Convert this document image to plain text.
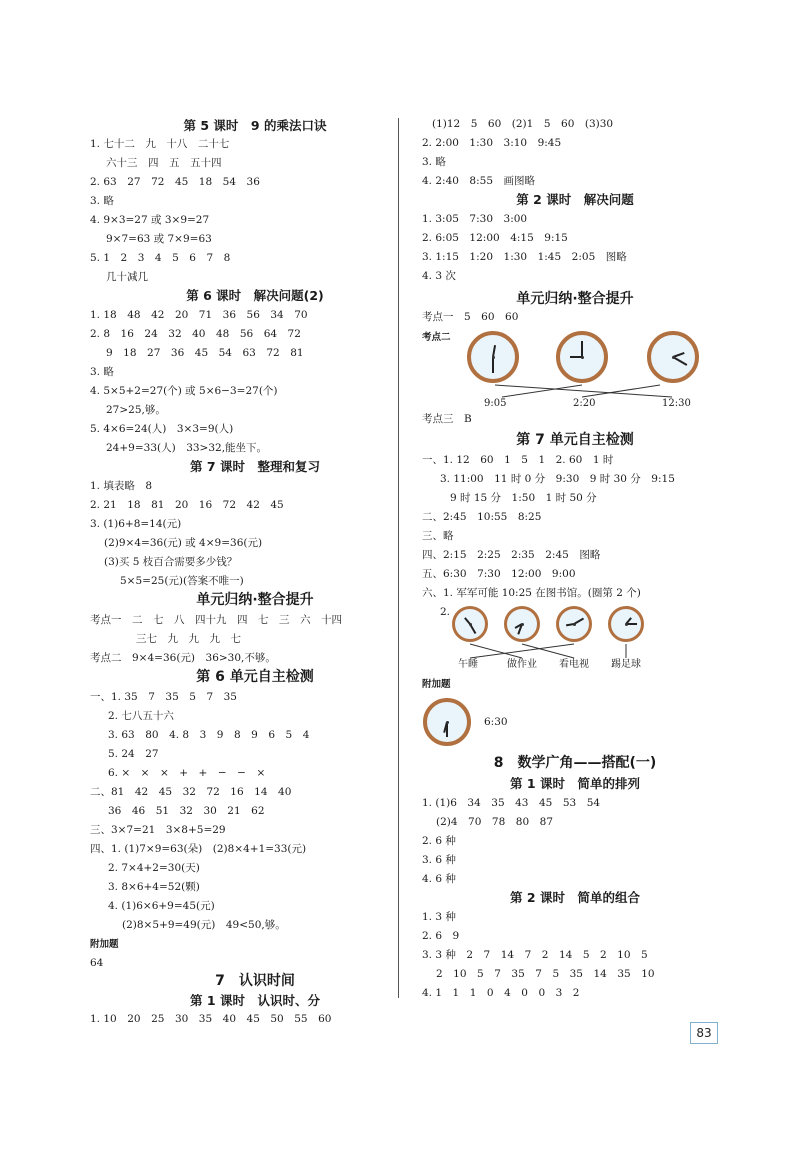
第 5 课时　9 的乘法口诀
1. 七十二　九　十八　二十七
六十三　四　五　五十四
2. 63　27　72　45　18　54　36
3. 略
4. 9×3=27 或 3×9=27
9×7=63 或 7×9=63
5. 1　2　3　4　5　6　7　8
几十减几
第 6 课时　解决问题(2)
1. 18　48　42　20　71　36　56　34　70
2. 8　16　24　32　40　48　56　64　72
9　18　27　36　45　54　63　72　81
3. 略
4. 5×5+2=27(个) 或 5×6−3=27(个)
27>25,够。
5. 4×6=24(人)　3×3=9(人)
24+9=33(人)　33>32,能坐下。
第 7 课时　整理和复习
1. 填表略　8
2. 21　18　81　20　16　72　42　45
3. (1)6+8=14(元)
(2)9×4=36(元) 或 4×9=36(元)
(3)买 5 枝百合需要多少钱？
5×5=25(元)(答案不唯一)
单元归纳·整合提升
考点一　二　七　八　四十九　四　七　三　六　十四
三七　九　九　九　七
考点二　9×4=36(元)　36>30,不够。
第 6 单元自主检测
一、1. 35　7　35　5　7　35
2. 七八五十六
3. 63　80　4. 8　3　9　8　9　6　5　4
5. 24　27
6. ×　×　×　+　+　−　−　×
二、81　42　45　32　72　16　14　40
36　46　51　32　30　21　62
三、3×7=21　3×8+5=29
四、1. (1)7×9=63(朵)　(2)8×4+1=33(元)
2. 7×4+2=30(天)
3. 8×6+4=52(颗)
4. (1)6×6+9=45(元)
(2)8×5+9=49(元)　49<50,够。
附加题
64
7　认识时间
第 1 课时　认识时、分
1. 10　20　25　30　35　40　45　50　55　60
(1)12　5　60　(2)1　5　60　(3)30
2. 2:00　1:30　3:10　9:45
3. 略
4. 2:40　8:55　画图略
第 2 课时　解决问题
1. 3:05　7:30　3:00
2. 6:05　12:00　4:15　9:15
3. 1:15　1:20　1:30　1:45　2:05　图略
4. 3 次
单元归纳·整合提升
考点一　5　60　60
考点二
9:05	2:20	12:30
考点三　B
第 7 单元自主检测
一、1. 12　60　1　5　1　2. 60　1 时
3. 11:00　11 时 0 分　9:30　9 时 30 分　9:15
9 时 15 分　1:50　1 时 50 分
二、2:45　10:55　8:25
三、略
四、2:15　2:25　2:35　2:45　图略
五、6:30　7:30　12:00　9:00
六、1. 军军可能 10:25 在图书馆。(圈第 2 个)
2.
午睡	做作业 看电视 踢足球
附加题
6:30
8　数学广角——搭配(一)
第 1 课时　简单的排列
1. (1)6　34　35　43　45　53　54
(2)4　70　78　80　87
2. 6 种
3. 6 种
4. 6 种
第 2 课时　简单的组合
1. 3 种
2. 6　9
3. 3 种　2　7　14　7　2　14　5　2　10　5
2　10　5　7　35　7　5　35　14　35　10
4. 1　1　1　0　4　0　0　3　2
83
